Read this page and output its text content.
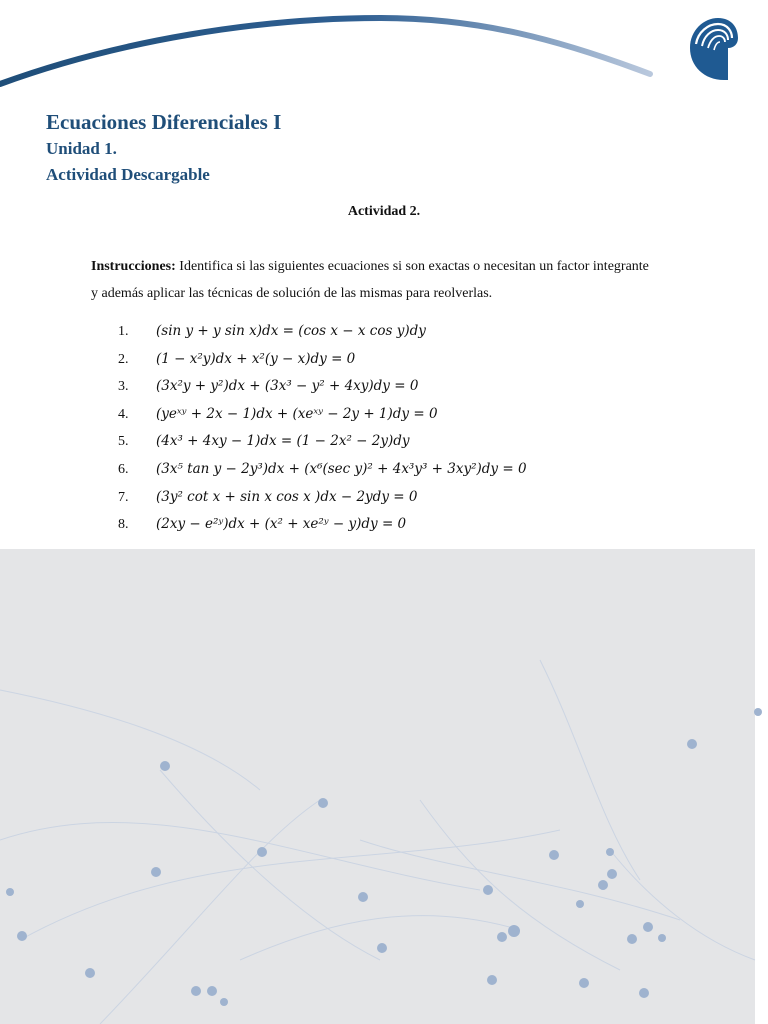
Ecuaciones Diferenciales I
Unidad 1.
Actividad Descargable
Actividad 2.
Instrucciones: Identifica si las siguientes ecuaciones si son exactas o necesitan un factor integrante y además aplicar las técnicas de solución de las mismas para reolverlas.
1. (sin y + y sin x)dx = (cos x − x cos y)dy
2. (1 − x²y)dx + x²(y − x)dy = 0
3. (3x²y + y²)dx + (3x³ − y² + 4xy)dy = 0
4. (yeˣʸ + 2x − 1)dx + (xeˣʸ − 2y + 1)dy = 0
5. (4x³ + 4xy − 1)dx = (1 − 2x² − 2y)dy
6. (3x⁵ tan y − 2y³)dx + (x⁶(sec y)² + 4x³y³ + 3xy²)dy = 0
7. (3y² cot x + sin x cos x )dx − 2ydy = 0
8. (2xy − e²ʸ)dx + (x² + xe²ʸ − y)dy = 0
